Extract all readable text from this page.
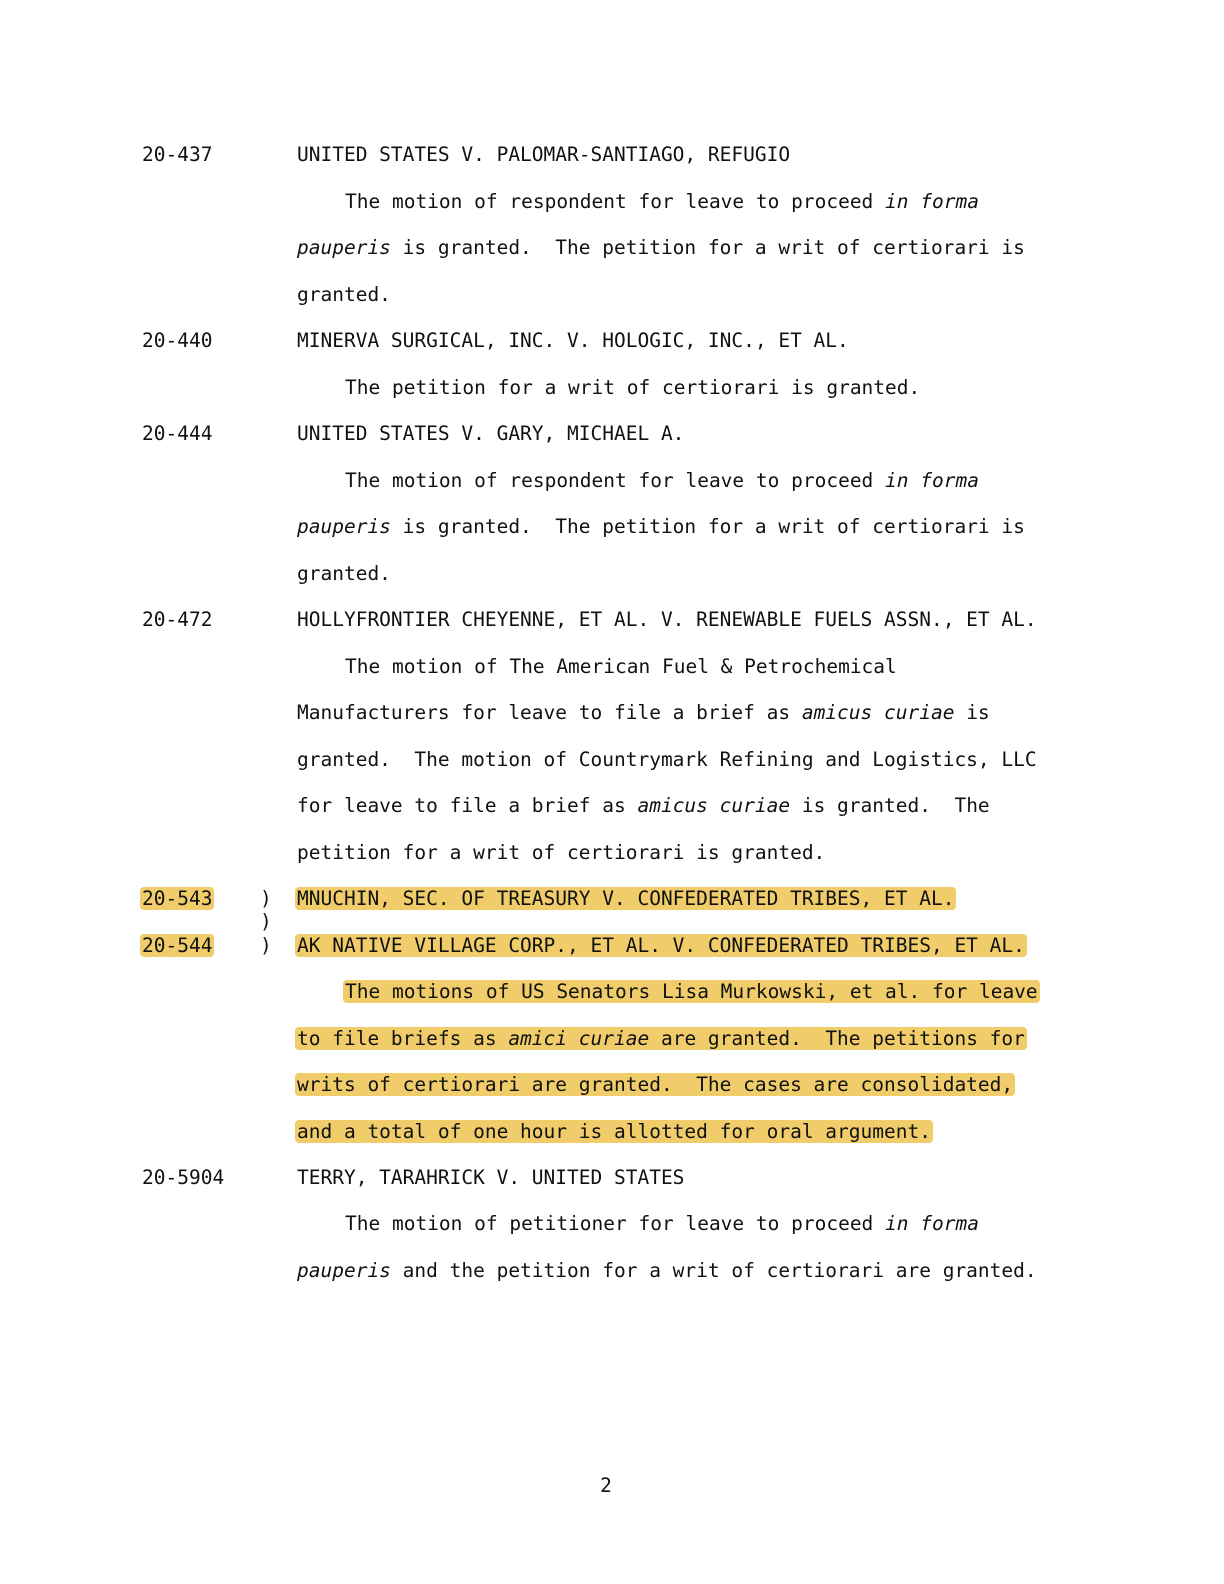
20-437	UNITED STATES V. PALOMAR-SANTIAGO, REFUGIO
The motion of respondent for leave to proceed in forma
pauperis is granted.  The petition for a writ of certiorari is
granted.
20-440	MINERVA SURGICAL, INC. V. HOLOGIC, INC., ET AL.
The petition for a writ of certiorari is granted.
20-444	UNITED STATES V. GARY, MICHAEL A.
The motion of respondent for leave to proceed in forma
pauperis is granted.  The petition for a writ of certiorari is
granted.
20-472	HOLLYFRONTIER CHEYENNE, ET AL. V. RENEWABLE FUELS ASSN., ET AL.
The motion of The American Fuel & Petrochemical
Manufacturers for leave to file a brief as amicus curiae is
granted.  The motion of Countrymark Refining and Logistics, LLC
for leave to file a brief as amicus curiae is granted.  The
petition for a writ of certiorari is granted.
20-543 ) MNUCHIN, SEC. OF TREASURY V. CONFEDERATED TRIBES, ET AL.
)
20-544 ) AK NATIVE VILLAGE CORP., ET AL. V. CONFEDERATED TRIBES, ET AL.
The motions of US Senators Lisa Murkowski, et al. for leave
to file briefs as amici curiae are granted.  The petitions for
writs of certiorari are granted.  The cases are consolidated,
and a total of one hour is allotted for oral argument.
20-5904	TERRY, TARAHRICK V. UNITED STATES
The motion of petitioner for leave to proceed in forma
pauperis and the petition for a writ of certiorari are granted.
2
